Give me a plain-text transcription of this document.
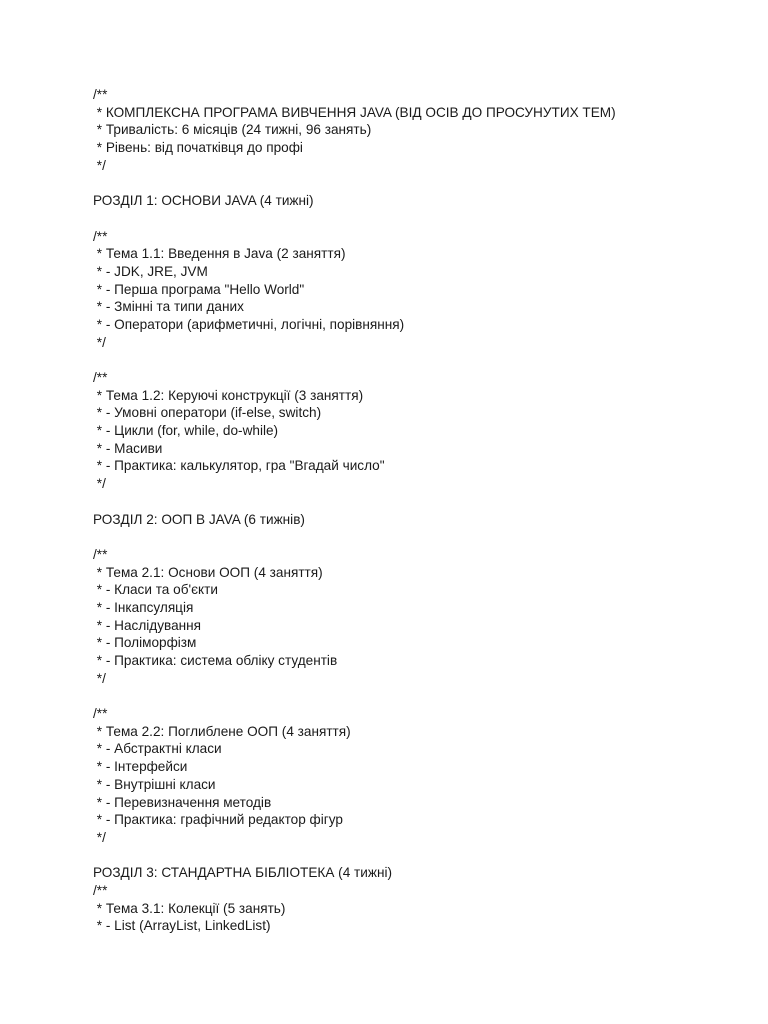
/**
* КОМПЛЕКСНА ПРОГРАМА ВИВЧЕННЯ JAVA (ВІД ОСІВ ДО ПРОСУНУТИХ ТЕМ)
* Тривалість: 6 місяців (24 тижні, 96 занять)
* Рівень: від початківця до профі
*/
РОЗДІЛ 1: ОСНОВИ JAVA (4 тижні)
/**
* Тема 1.1: Введення в Java (2 заняття)
* - JDK, JRE, JVM
* - Перша програма "Hello World"
* - Змінні та типи даних
* - Оператори (арифметичні, логічні, порівняння)
*/
/**
* Тема 1.2: Керуючі конструкції (3 заняття)
* - Умовні оператори (if-else, switch)
* - Цикли (for, while, do-while)
* - Масиви
* - Практика: калькулятор, гра "Вгадай число"
*/
РОЗДІЛ 2: ООП В JAVA (6 тижнів)
/**
* Тема 2.1: Основи ООП (4 заняття)
* - Класи та об'єкти
* - Інкапсуляція
* - Наслідування
* - Поліморфізм
* - Практика: система обліку студентів
*/
/**
* Тема 2.2: Поглиблене ООП (4 заняття)
* - Абстрактні класи
* - Інтерфейси
* - Внутрішні класи
* - Перевизначення методів
* - Практика: графічний редактор фігур
*/
РОЗДІЛ 3: СТАНДАРТНА БІБЛІОТЕКА (4 тижні)
/**
* Тема 3.1: Колекції (5 занять)
* - List (ArrayList, LinkedList)
